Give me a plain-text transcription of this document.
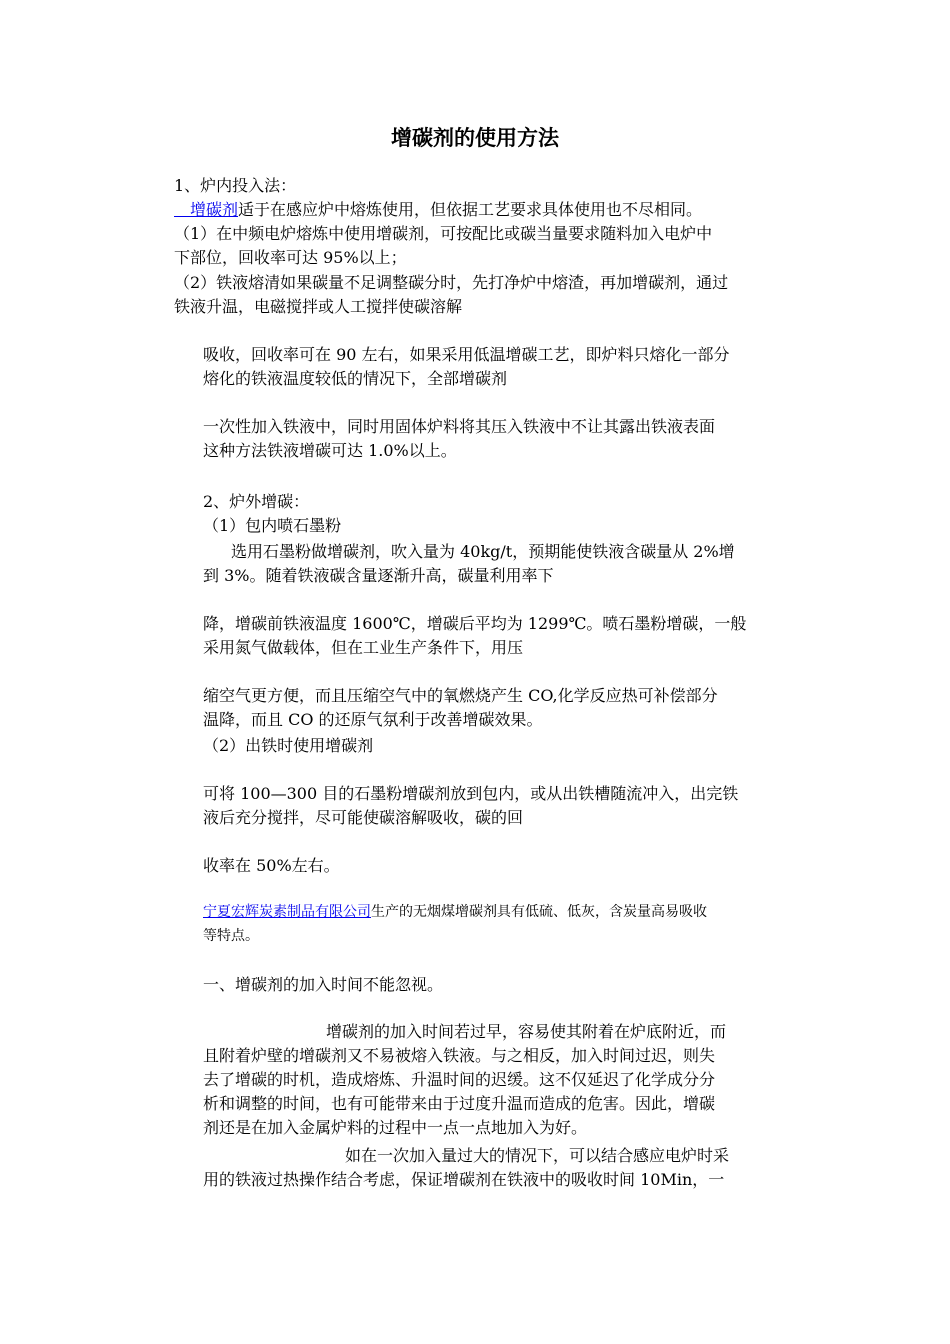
增碳剂的使用方法
1、炉内投入法：
　增碳剂适于在感应炉中熔炼使用，但依据工艺要求具体使用也不尽相同。
（1）在中频电炉熔炼中使用增碳剂，可按配比或碳当量要求随料加入电炉中
下部位，回收率可达 95%以上；
（2）铁液熔清如果碳量不足调整碳分时，先打净炉中熔渣，再加增碳剂，通过
铁液升温，电磁搅拌或人工搅拌使碳溶解
吸收，回收率可在 90 左右，如果采用低温增碳工艺，即炉料只熔化一部分
熔化的铁液温度较低的情况下，全部增碳剂
一次性加入铁液中，同时用固体炉料将其压入铁液中不让其露出铁液表面
这种方法铁液增碳可达 1.0%以上。
2、炉外增碳：
（1）包内喷石墨粉
选用石墨粉做增碳剂，吹入量为 40kg/t，预期能使铁液含碳量从 2%增
到 3%。随着铁液碳含量逐渐升高，碳量利用率下
降，增碳前铁液温度 1600℃，增碳后平均为 1299℃。喷石墨粉增碳，一般
采用氮气做载体，但在工业生产条件下，用压
缩空气更方便，而且压缩空气中的氧燃烧产生 CO,化学反应热可补偿部分
温降，而且 CO 的还原气氛利于改善增碳效果。
（2）出铁时使用增碳剂
可将 100—300 目的石墨粉增碳剂放到包内，或从出铁槽随流冲入，出完铁
液后充分搅拌，尽可能使碳溶解吸收，碳的回
收率在 50%左右。
宁夏宏辉炭素制品有限公司生产的无烟煤增碳剂具有低硫、低灰，含炭量高易吸收
等特点。
一、增碳剂的加入时间不能忽视。
增碳剂的加入时间若过早，容易使其附着在炉底附近，而
且附着炉壁的增碳剂又不易被熔入铁液。与之相反，加入时间过迟，则失
去了增碳的时机，造成熔炼、升温时间的迟缓。这不仅延迟了化学成分分
析和调整的时间，也有可能带来由于过度升温而造成的危害。因此，增碳
剂还是在加入金属炉料的过程中一点一点地加入为好。
如在一次加入量过大的情况下，可以结合感应电炉时采
用的铁液过热操作结合考虑，保证增碳剂在铁液中的吸收时间 10Min，一
